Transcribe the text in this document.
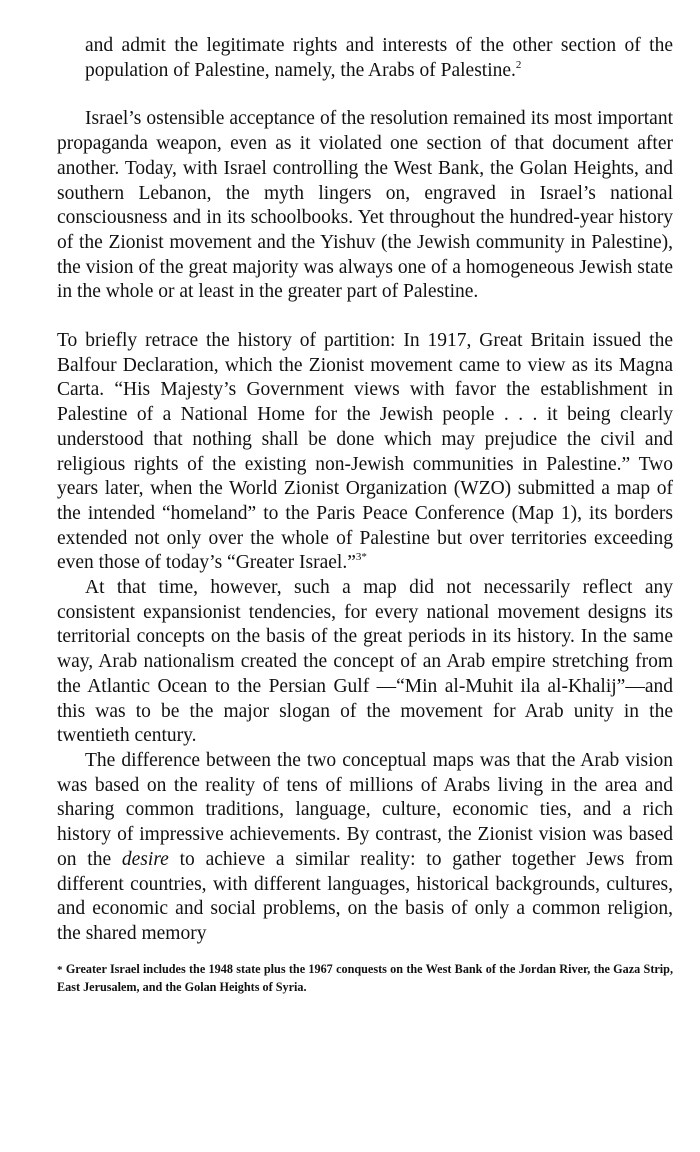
and admit the legitimate rights and interests of the other section of the population of Palestine, namely, the Arabs of Palestine.$^2$

Israel’s ostensible acceptance of the resolution remained its most important propaganda weapon, even as it violated one section of that document after another. Today, with Israel controlling the West Bank, the Golan Heights, and southern Lebanon, the myth lingers on, engraved in Israel’s national consciousness and in its schoolbooks. Yet throughout the hundred-year history of the Zionist movement and the Yishuv (the Jewish community in Palestine), the vision of the great majority was always one of a homogeneous Jewish state in the whole or at least in the greater part of Palestine.

To briefly retrace the history of partition: In 1917, Great Britain issued the Balfour Declaration, which the Zionist movement came to view as its Magna Carta. “His Majesty’s Government views with favor the establishment in Palestine of a National Home for the Jewish people . . . it being clearly understood that nothing shall be done which may prejudice the civil and religious rights of the existing non-Jewish communities in Palestine.” Two years later, when the World Zionist Organization (WZO) submitted a map of the intended “homeland” to the Paris Peace Conference (Map 1), its borders extended not only over the whole of Palestine but over territories exceeding even those of today’s “Greater Israel.”$^{3*}$

At that time, however, such a map did not necessarily reflect any consistent expansionist tendencies, for every national movement designs its territorial concepts on the basis of the great periods in its history. In the same way, Arab nationalism created the concept of an Arab empire stretching from the Atlantic Ocean to the Persian Gulf —“Min al-Muhit ila al-Khalij”—and this was to be the major slogan of the movement for Arab unity in the twentieth century.

The difference between the two conceptual maps was that the Arab vision was based on the reality of tens of millions of Arabs living in the area and sharing common traditions, language, culture, economic ties, and a rich history of impressive achievements. By contrast, the Zionist vision was based on the desire to achieve a similar reality: to gather together Jews from different countries, with different languages, historical backgrounds, cultures, and economic and social problems, on the basis of only a common religion, the shared memory

* Greater Israel includes the 1948 state plus the 1967 conquests on the West Bank of the Jordan River, the Gaza Strip, East Jerusalem, and the Golan Heights of Syria.
